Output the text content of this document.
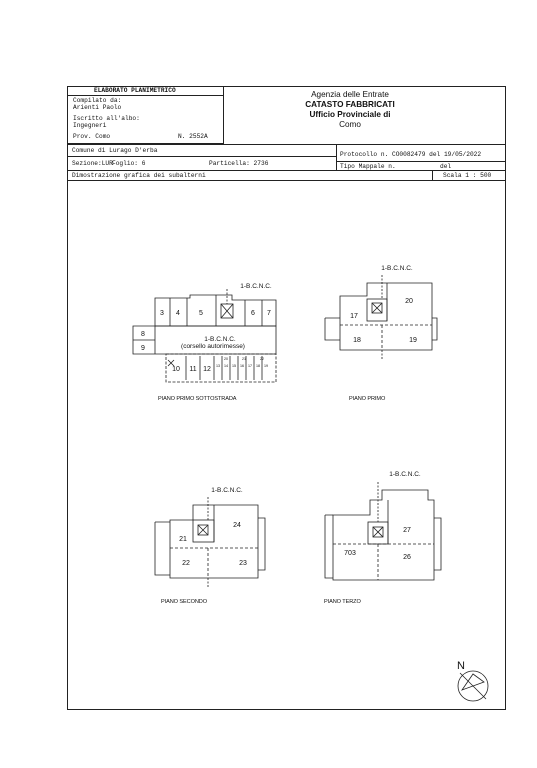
ELABORATO PLANIMETRICO
Compilato da:
Arienti Paolo
Iscritto all'albo:
Ingegneri
Prov. Como	N. 2552A
Agenzia delle Entrate
CATASTO FABBRICATI
Ufficio Provinciale di
Como
Comune di Lurago D'erba
Sezione:LUR Foglio: 6	Particella: 2736
Protocollo n. CO0082479 del 19/05/2022
Tipo Mappale n.	del
Dimostrazione grafica dei subalterni	Scala 1 : 500
1-B.C.N.C.
3 4	5	6 7
8
9
1-B.C.N.C.
(corsello autorimesse)
10 11 12 13 14 15 16 17 18 19
20	21	22
1-B.C.N.C.
17
18	19
20
1-B.C.N.C.
21
22	23
24
1-B.C.N.C.
703
26
27
N
PIANO PRIMO SOTTOSTRADA	PIANO PRIMO
PIANO SECONDO	PIANO TERZO
